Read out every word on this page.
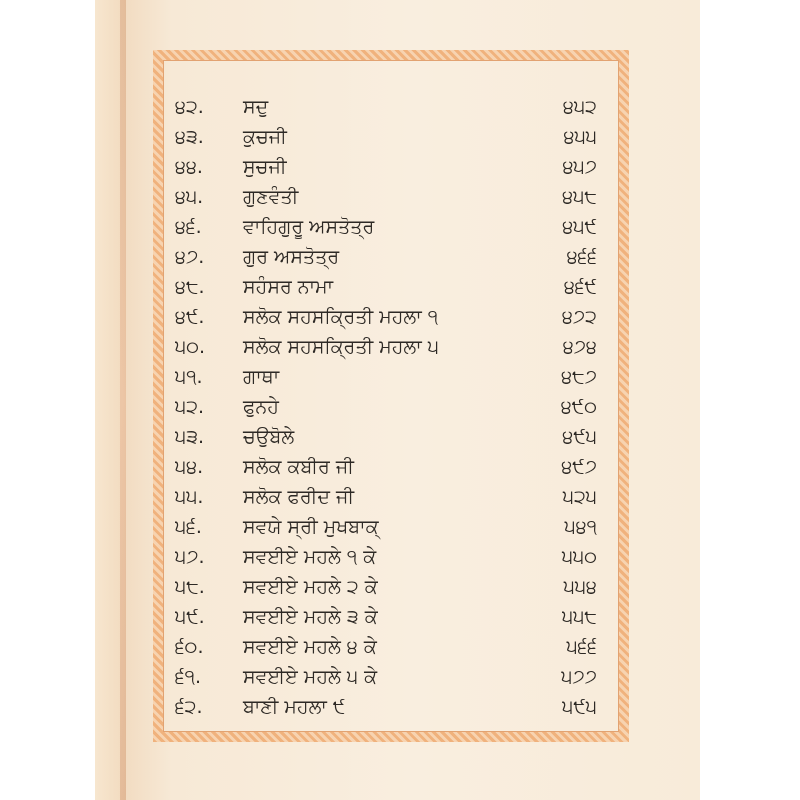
੪੨.	ਸਦੁ	੪੫੨
੪੩.	ਕੁਚਜੀ	੪੫੫
੪੪.	ਸੁਚਜੀ	੪੫੭
੪੫.	ਗੁਣਵੰਤੀ	੪੫੮
੪੬.	ਵਾਹਿਗੁਰੂ ਅਸਤੋਤ੍ਰ	੪੫੯
੪੭.	ਗੁਰ ਅਸਤੋਤ੍ਰ	੪੬੬
੪੮.	ਸਹੰਸਰ ਨਾਮਾ	੪੬੯
੪੯.	ਸਲੋਕ ਸਹਸਕ੍ਰਿਤੀ ਮਹਲਾ ੧	੪੭੨
੫੦.	ਸਲੋਕ ਸਹਸਕ੍ਰਿਤੀ ਮਹਲਾ ੫	੪੭੪
੫੧.	ਗਾਥਾ	੪੮੭
੫੨.	ਫੁਨਹੇ	੪੯੦
੫੩.	ਚਉਬੋਲੇ	੪੯੫
੫੪.	ਸਲੋਕ ਕਬੀਰ ਜੀ	੪੯੭
੫੫.	ਸਲੋਕ ਫਰੀਦ ਜੀ	੫੨੫
੫੬.	ਸਵਯੇ ਸ੍ਰੀ ਮੁਖਬਾਕ੍	੫੪੧
੫੭.	ਸਵਈਏ ਮਹਲੇ ੧ ਕੇ	੫੫੦
੫੮.	ਸਵਈਏ ਮਹਲੇ ੨ ਕੇ	੫੫੪
੫੯.	ਸਵਈਏ ਮਹਲੇ ੩ ਕੇ	੫੫੮
੬੦.	ਸਵਈਏ ਮਹਲੇ ੪ ਕੇ	੫੬੬
੬੧.	ਸਵਈਏ ਮਹਲੇ ੫ ਕੇ	੫੭੭
੬੨.	ਬਾਣੀ ਮਹਲਾ ੯	੫੯੫
